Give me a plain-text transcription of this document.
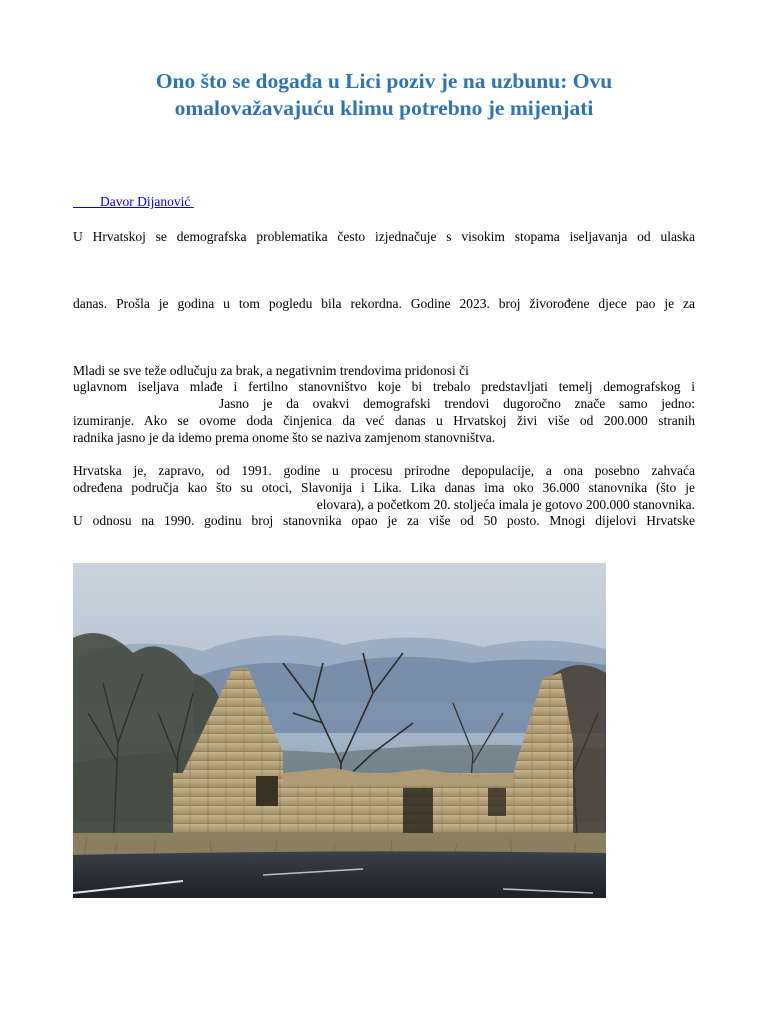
Ono što se događa u Lici poziv je na uzbunu: Ovu omalovažavajuću klimu potrebno je mijenjati
Davor Dijanović
U Hrvatskoj se demografska problematika često izjednačuje s visokim stopama iseljavanja od ulaska
danas. Prošla je godina u tom pogledu bila rekordna. Godine 2023. broj živorođene djece pao je za
Mladi se sve teže odlučuju za brak, a negativnim trendovima pridonosi či
uglavnom iseljava mlađe i fertilno stanovništvo koje bi trebalo predstavljati temelj demografskog i
Jasno je da ovakvi demografski trendovi dugoročno znače samo jedno:
izumiranje. Ako se ovome doda činjenica da već danas u Hrvatskoj živi više od 200.000 stranih
radnika jasno je da idemo prema onome što se naziva zamjenom stanovništva.
Hrvatska je, zapravo, od 1991. godine u procesu prirodne depopulacije, a ona posebno zahvaća
određena područja kao što su otoci, Slavonija i Lika. Lika danas ima oko 36.000 stanovnika (što je
elovara), a početkom 20. stoljeća imala je gotovo 200.000 stanovnika.
U odnosu na 1990. godinu broj stanovnika opao je za više od 50 posto. Mnogi dijelovi Hrvatske
